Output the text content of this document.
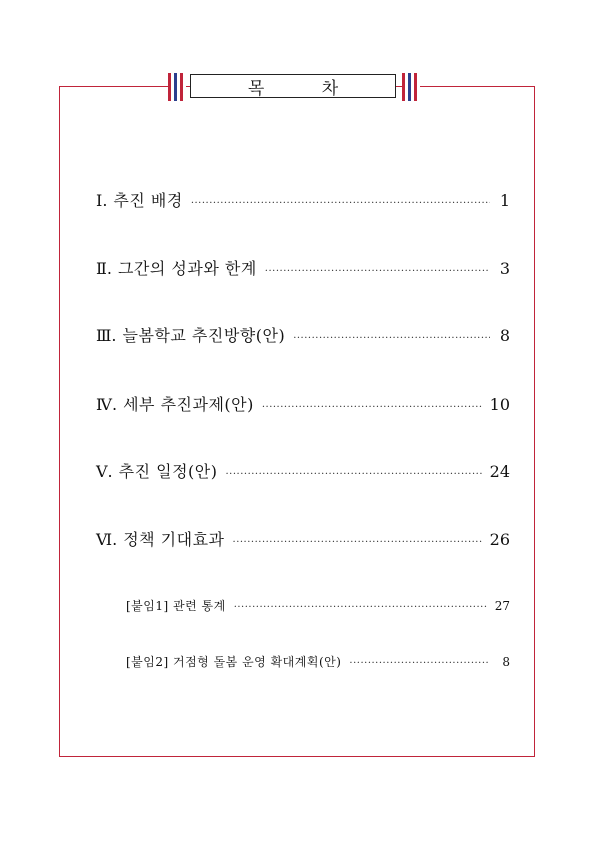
목 차
Ⅰ. 추진 배경 ·····	1
Ⅱ. 그간의 성과와 한계 ·····	3
Ⅲ. 늘봄학교 추진방향(안) ·····	8
Ⅳ. 세부 추진과제(안) ·····	10
Ⅴ. 추진 일정(안) ·····	24
Ⅵ. 정책 기대효과 ·····	26
[붙임1] 관련 통계 ·····	27
[붙임2] 거점형 돌봄 운영 확대계획(안) ·····	8
